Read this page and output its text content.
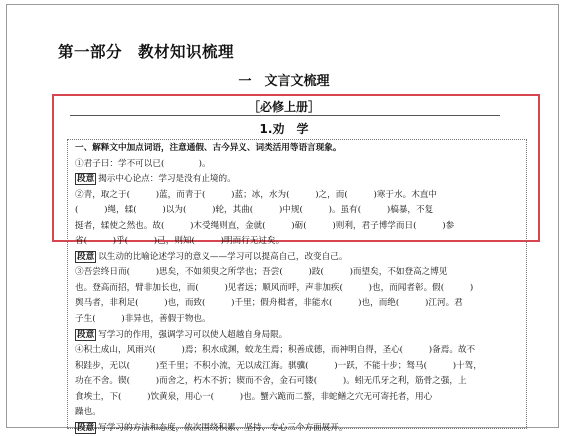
第一部分　教材知识梳理
一　文言文梳理
［必修上册］
1.劝　学
一、解释文中加点词语，注意通假、古今异义、词类活用等语言现象。
①君子曰：学不可以已(　　　　)。
段意 揭示中心论点：学习是没有止境的。
②青，取之于(　　　)蓝，而青于(　　　)蓝；冰，水为(　　　)之，而(　　　)寒于水。木直中
(　　　)绳，𫐓(　　　)以为(　　　)轮，其曲(　　　)中规(　　　)。虽有(　　　)槁暴，不复
挺者，𫐓使之然也。故(　　　)木受绳则直，金就(　　　)砺(　　　)则利，君子博学而日(　　　)参
省(　　　)乎(　　　)己，则知(　　　)明而行无过矣。
段意 以生动的比喻论述学习的意义——学习可以提高自己，改变自己。
③吾尝终日而(　　　)思矣，不如须臾之所学也；吾尝(　　　)跂(　　　)而望矣，不如登高之博见
也。登高而招，臂非加长也，而(　　　)见者远；顺风而呼，声非加疾(　　　)也，而闻者彰。假(　　　)
舆马者，非利足(　　　)也，而致(　　　)千里；假舟楫者，非能水(　　　)也，而绝(　　　)江河。君
子生(　　　)非异也，善假于物也。
段意 写学习的作用，强调学习可以使人超越自身局限。
④积土成山，风雨兴(　　　)焉；积水成渊，蛟龙生焉；积善成德，而神明自得，圣心(　　　)备焉。故不
积跬步，无以(　　　)至千里；不积小流，无以成江海。骐骥(　　　)一跃，不能十步；驽马(　　　)十驾，
功在不舍。锲(　　　)而舍之，朽木不折；锲而不舍，金石可镂(　　　)。蚓无爪牙之利，筋骨之强，上
食埃土，下(　　　)饮黄泉，用心一(　　　)也。蟹六跪而二螯，非蛇鳝之穴无可寄托者，用心
躁也。
段意 写学习的方法和态度，依次围绕积累、坚持、专心三个方面展开。
